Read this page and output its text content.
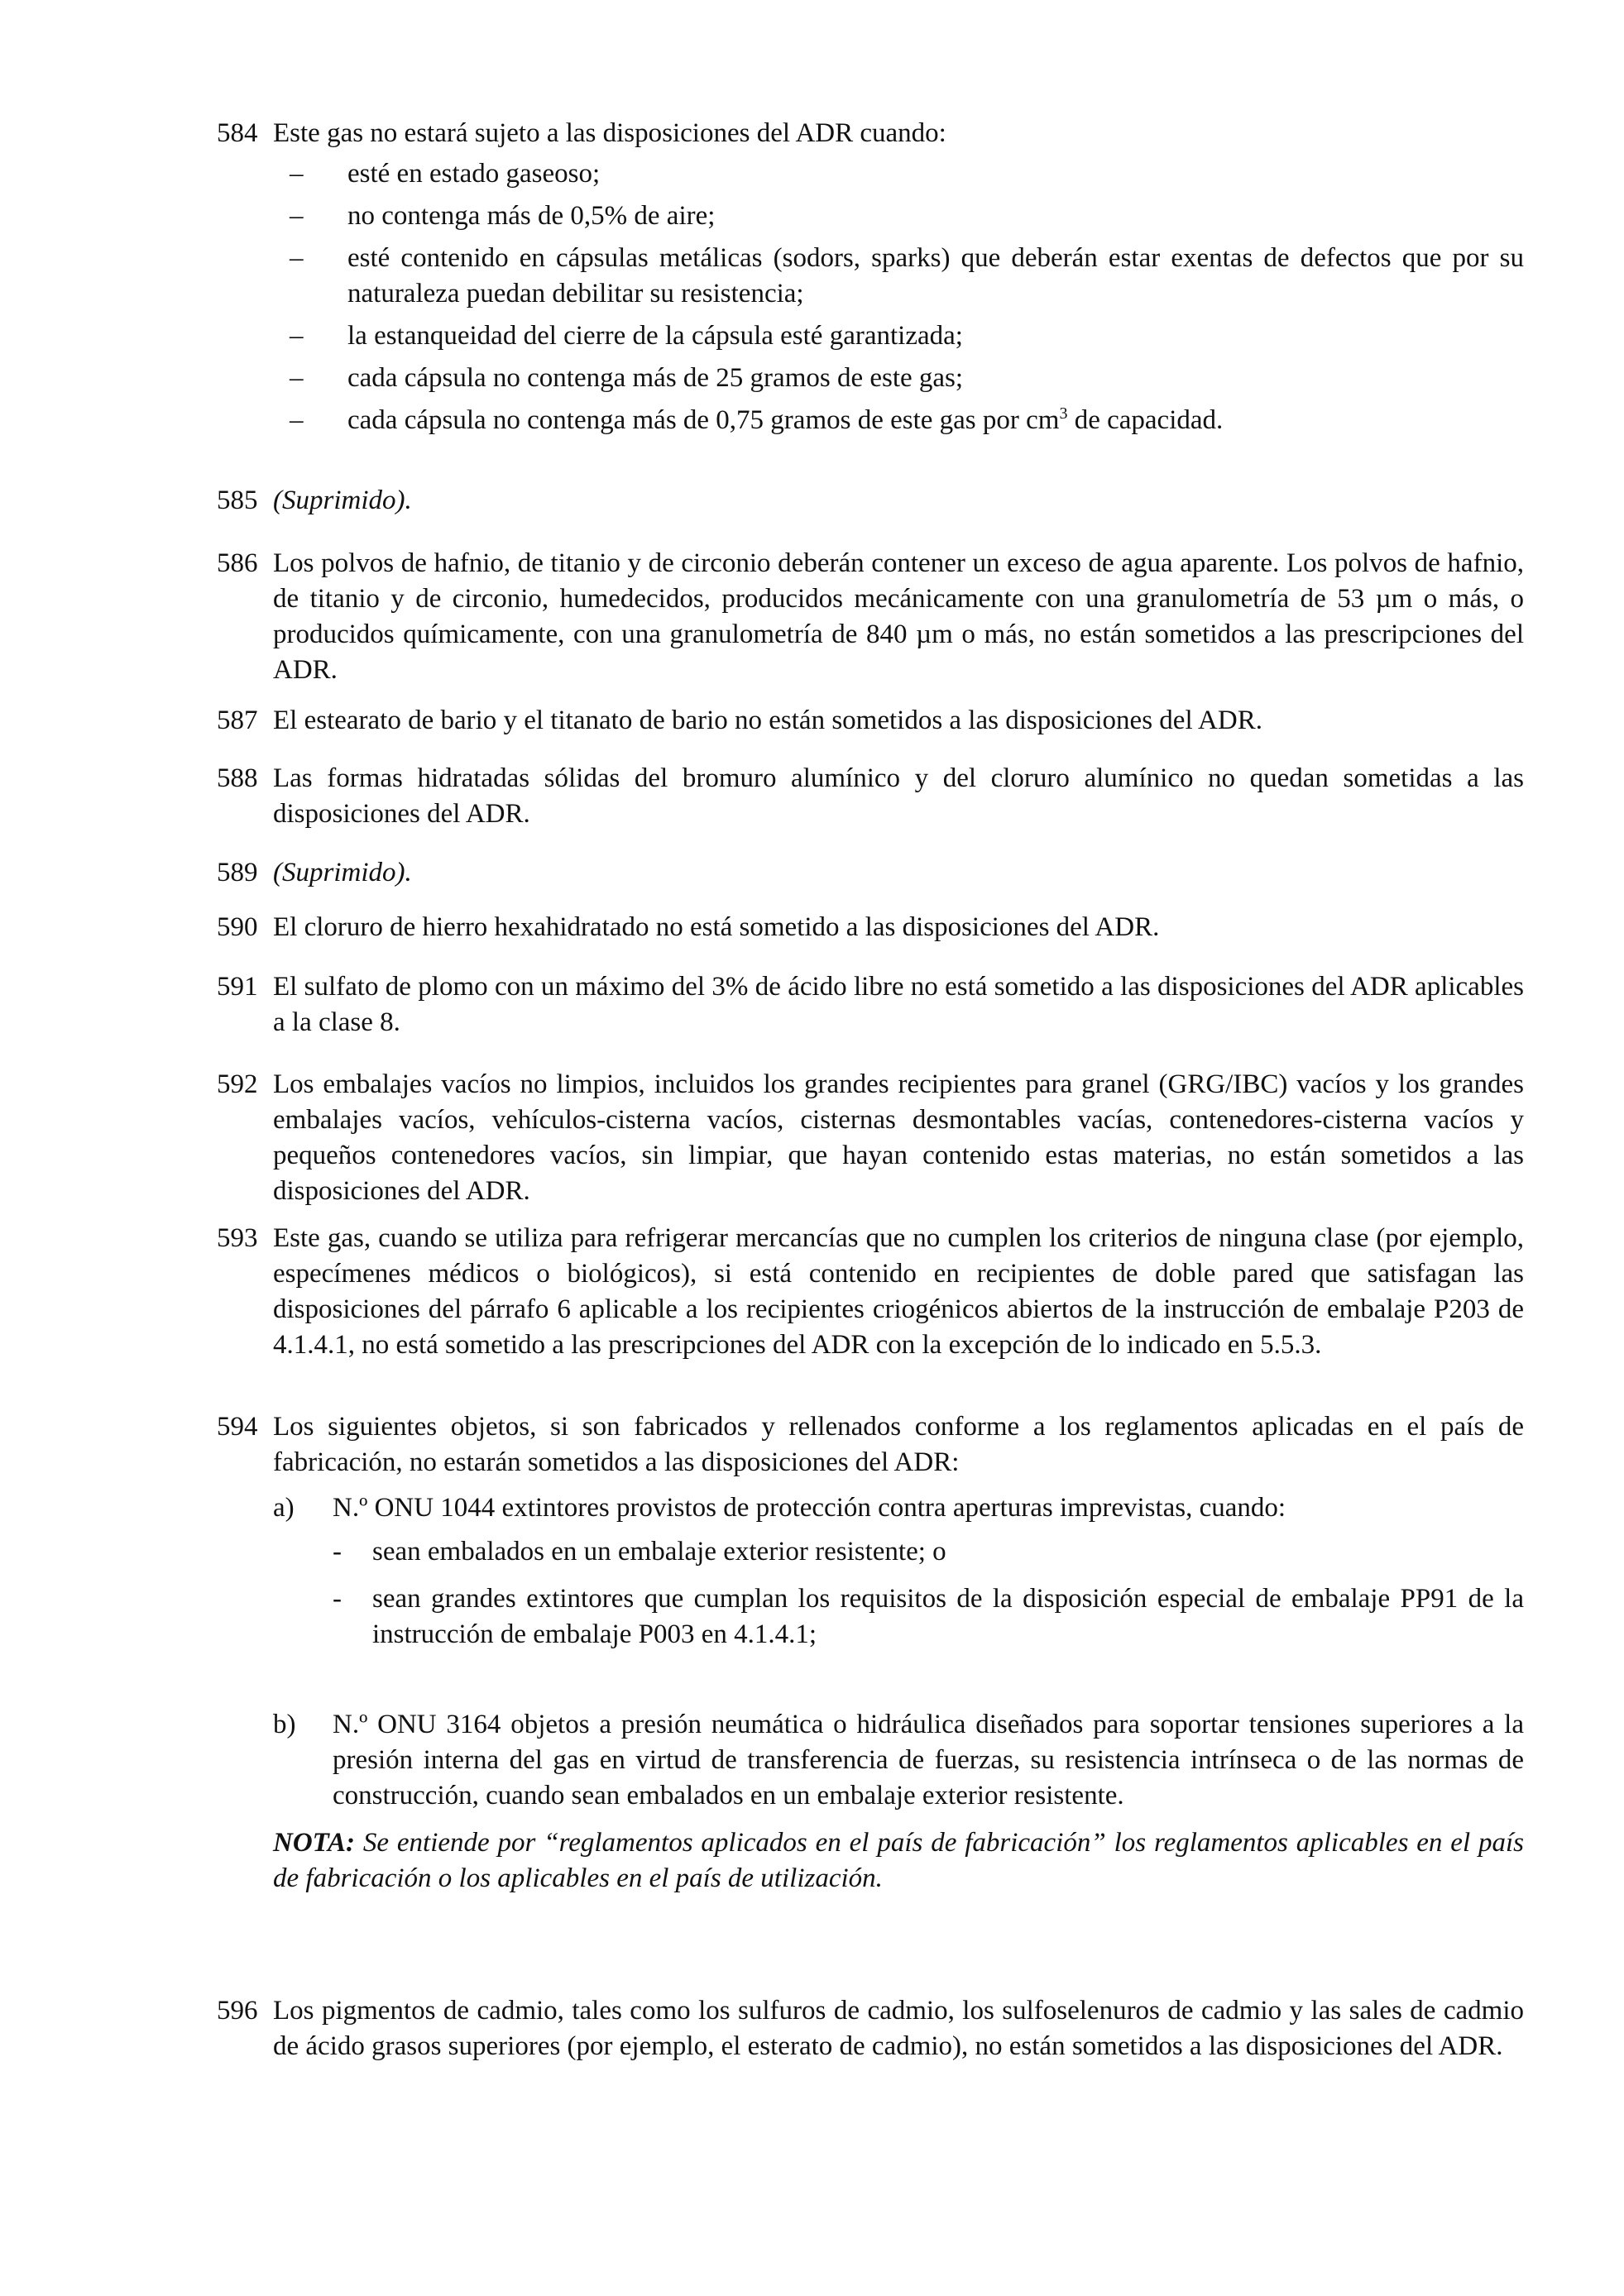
584 Este gas no estará sujeto a las disposiciones del ADR cuando:

– esté en estado gaseoso;
– no contenga más de 0,5% de aire;
– esté contenido en cápsulas metálicas (sodors, sparks) que deberán estar exentas de defectos que por su naturaleza puedan debilitar su resistencia;
– la estanqueidad del cierre de la cápsula esté garantizada;
– cada cápsula no contenga más de 25 gramos de este gas;
– cada cápsula no contenga más de 0,75 gramos de este gas por $cm^3$ de capacidad.
585 (Suprimido).
586 Los polvos de hafnio, de titanio y de circonio deberán contener un exceso de agua aparente. Los polvos de hafnio, de titanio y de circonio, humedecidos, producidos mecánicamente con una granulometría de 53 µm o más, o producidos químicamente, con una granulometría de 840 µm o más, no están sometidos a las prescripciones del ADR.
587 El estearato de bario y el titanato de bario no están sometidos a las disposiciones del ADR.
588 Las formas hidratadas sólidas del bromuro alumínico y del cloruro alumínico no quedan sometidas a las disposiciones del ADR.
589 (Suprimido).
590 El cloruro de hierro hexahidratado no está sometido a las disposiciones del ADR.
591 El sulfato de plomo con un máximo del 3% de ácido libre no está sometido a las disposiciones del ADR aplicables a la clase 8.
592 Los embalajes vacíos no limpios, incluidos los grandes recipientes para granel (GRG/IBC) vacíos y los grandes embalajes vacíos, vehículos-cisterna vacíos, cisternas desmontables vacías, contenedores-cisterna vacíos y pequeños contenedores vacíos, sin limpiar, que hayan contenido estas materias, no están sometidos a las disposiciones del ADR.
593 Este gas, cuando se utiliza para refrigerar mercancías que no cumplen los criterios de ninguna clase (por ejemplo, especímenes médicos o biológicos), si está contenido en recipientes de doble pared que satisfagan las disposiciones del párrafo 6 aplicable a los recipientes criogénicos abiertos de la instrucción de embalaje P203 de 4.1.4.1, no está sometido a las prescripciones del ADR con la excepción de lo indicado en 5.5.3.
594 Los siguientes objetos, si son fabricados y rellenados conforme a los reglamentos aplicadas en el país de fabricación, no estarán sometidos a las disposiciones del ADR:

a) N.º ONU 1044 extintores provistos de protección contra aperturas imprevistas, cuando:
- sean embalados en un embalaje exterior resistente; o
- sean grandes extintores que cumplan los requisitos de la disposición especial de embalaje PP91 de la instrucción de embalaje P003 en 4.1.4.1;
b) N.º ONU 3164 objetos a presión neumática o hidráulica diseñados para soportar tensiones superiores a la presión interna del gas en virtud de transferencia de fuerzas, su resistencia intrínseca o de las normas de construcción, cuando sean embalados en un embalaje exterior resistente.
NOTA: Se entiende por “reglamentos aplicados en el país de fabricación” los reglamentos aplicables en el país de fabricación o los aplicables en el país de utilización.
596 Los pigmentos de cadmio, tales como los sulfuros de cadmio, los sulfoselenuros de cadmio y las sales de cadmio de ácido grasos superiores (por ejemplo, el esterato de cadmio), no están sometidos a las disposiciones del ADR.
